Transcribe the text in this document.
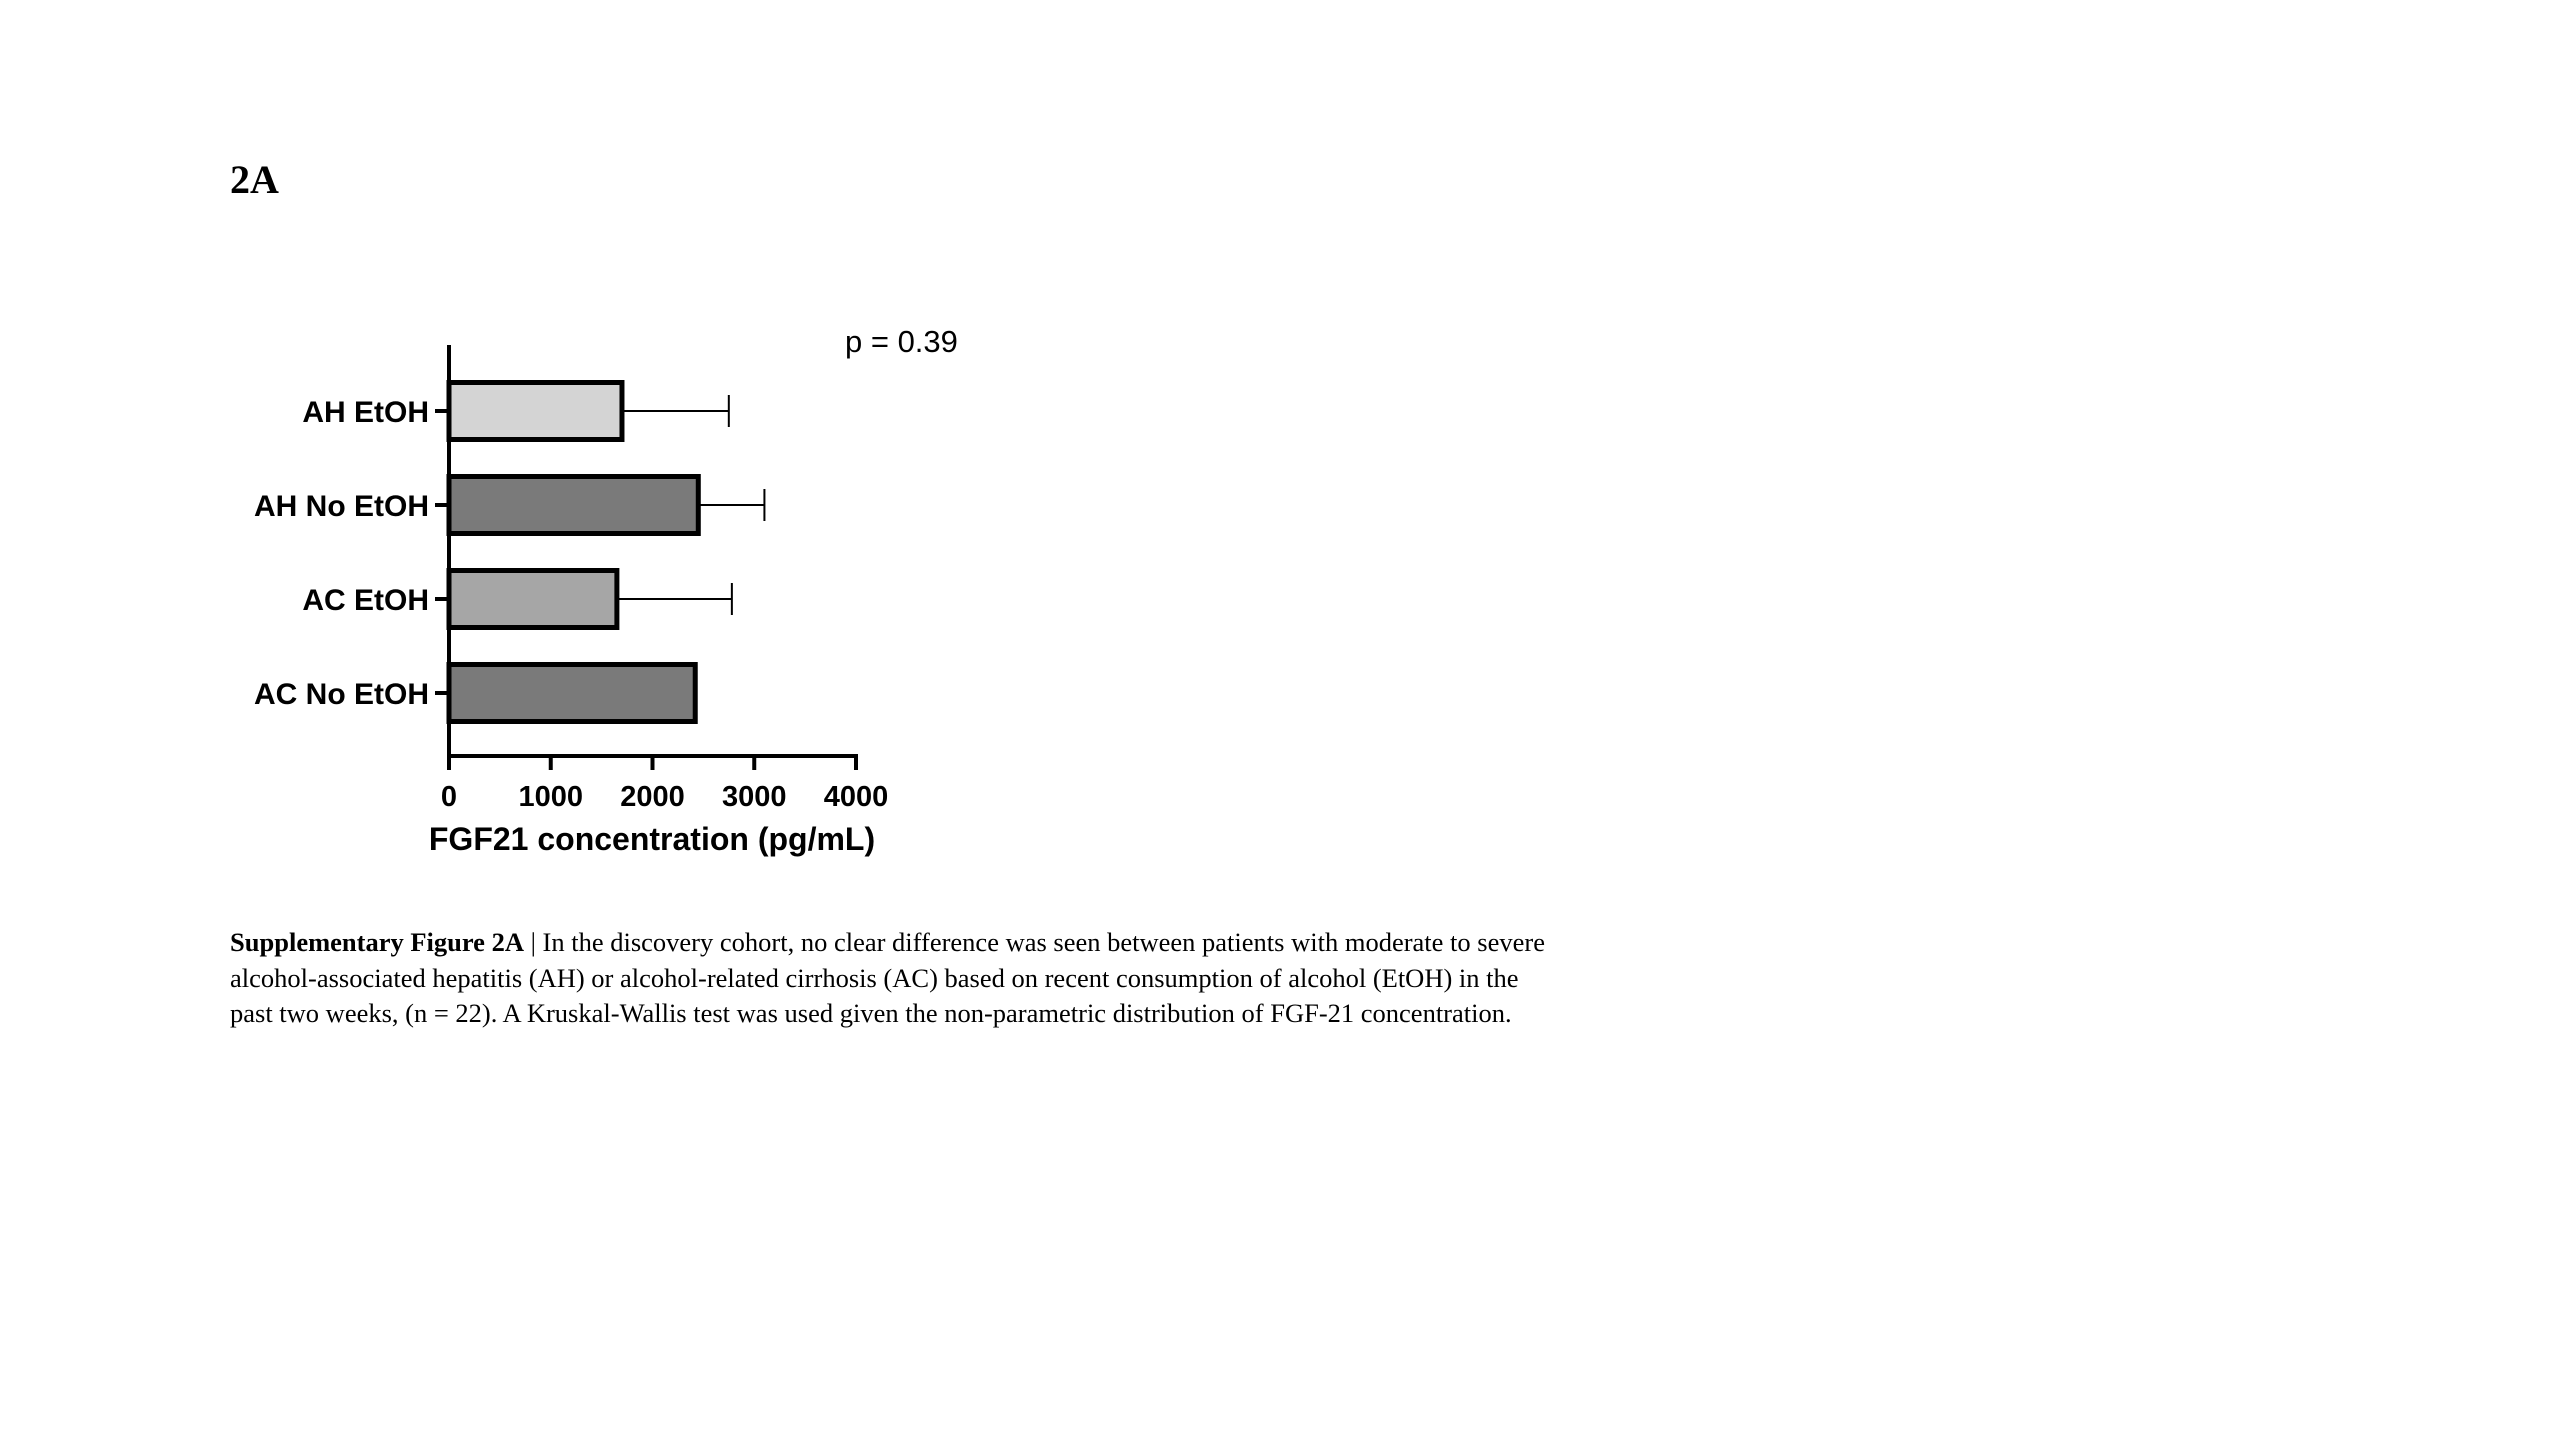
2A
0 1000 2000 3000 4000
AH EtOH
AH No EtOH
AC EtOH
AC No EtOH
p = 0.39
FGF21 concentration (pg/mL)
Supplementary Figure 2A | In the discovery cohort, no clear difference was seen between patients with moderate to severe alcohol-associated hepatitis (AH) or alcohol-related cirrhosis (AC) based on recent consumption of alcohol (EtOH) in the past two weeks, (n = 22). A Kruskal-Wallis test was used given the non-parametric distribution of FGF-21 concentration.
